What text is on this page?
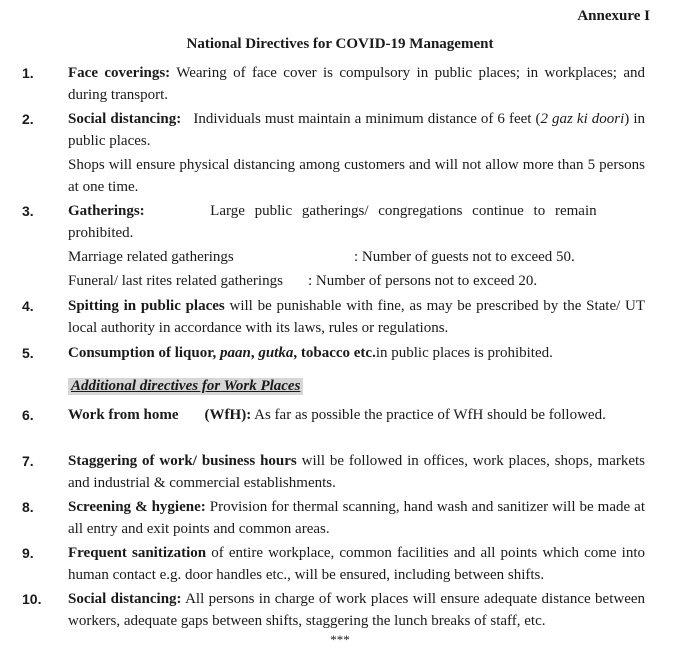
Annexure I
National Directives for COVID-19 Management
1.	Face coverings: Wearing of face cover is compulsory in public places; in workplaces; and during transport.
2.	Social distancing:   Individuals must maintain a minimum distance of 6 feet (2 gaz ki doori) in public places.
Shops will ensure physical distancing among customers and will not allow more than 5 persons at one time.
3.	Gatherings:	Large public gatherings/ congregations continue to remain prohibited.
Marriage related gatherings	: Number of guests not to exceed 50.
Funeral/ last rites related gatherings : Number of persons not to exceed 20.
4.	Spitting in public places will be punishable with fine, as may be prescribed by the State/ UT local authority in accordance with its laws, rules or regulations.
5.	Consumption of liquor, paan, gutka, tobacco etc.in public places is prohibited.
Additional directives for Work Places
6.	Work from home (WfH): As far as possible the practice of WfH should be followed.
7.	Staggering of work/ business hours will be followed in offices, work places, shops, markets and industrial & commercial establishments.
8.	Screening & hygiene: Provision for thermal scanning, hand wash and sanitizer will be made at all entry and exit points and common areas.
9.	Frequent sanitization of entire workplace, common facilities and all points which come into human contact e.g. door handles etc., will be ensured, including between shifts.
10.	Social distancing: All persons in charge of work places will ensure adequate distance between workers, adequate gaps between shifts, staggering the lunch breaks of staff, etc.
***
